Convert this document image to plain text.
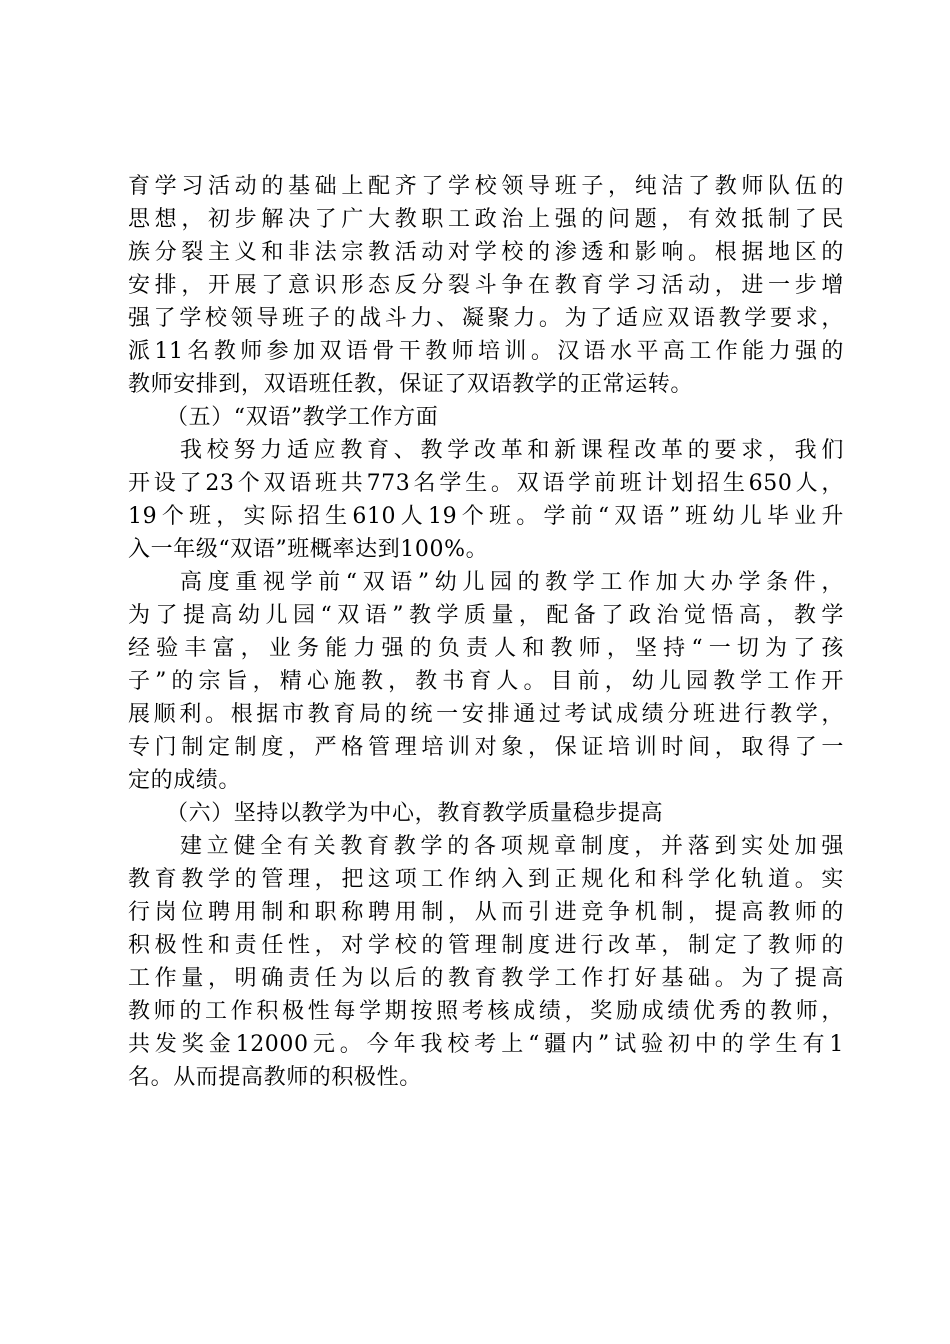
育学习活动的基础上配齐了学校领导班子，纯洁了教师队伍的
思想，初步解决了广大教职工政治上强的问题，有效抵制了民
族分裂主义和非法宗教活动对学校的渗透和影响。根据地区的
安排，开展了意识形态反分裂斗争在教育学习活动，进一步增
强了学校领导班子的战斗力、凝聚力。为了适应双语教学要求，
派11名教师参加双语骨干教师培训。汉语水平高工作能力强的
教师安排到，双语班任教，保证了双语教学的正常运转。
（五）“双语”教学工作方面
我校努力适应教育、教学改革和新课程改革的要求，我们
开设了23个双语班共773名学生。双语学前班计划招生650人，
19个班，实际招生610人19个班。学前“双语”班幼儿毕业升
入一年级“双语”班概率达到100%。
高度重视学前“双语”幼儿园的教学工作加大办学条件，
为了提高幼儿园“双语”教学质量，配备了政治觉悟高，教学
经验丰富，业务能力强的负责人和教师，坚持“一切为了孩
子”的宗旨，精心施教，教书育人。目前，幼儿园教学工作开
展顺利。根据市教育局的统一安排通过考试成绩分班进行教学，
专门制定制度，严格管理培训对象，保证培训时间，取得了一
定的成绩。
（六）坚持以教学为中心，教育教学质量稳步提高
建立健全有关教育教学的各项规章制度，并落到实处加强
教育教学的管理，把这项工作纳入到正规化和科学化轨道。实
行岗位聘用制和职称聘用制，从而引进竞争机制，提高教师的
积极性和责任性，对学校的管理制度进行改革，制定了教师的
工作量，明确责任为以后的教育教学工作打好基础。为了提高
教师的工作积极性每学期按照考核成绩，奖励成绩优秀的教师，
共发奖金12000元。今年我校考上“疆内”试验初中的学生有1
名。从而提高教师的积极性。
